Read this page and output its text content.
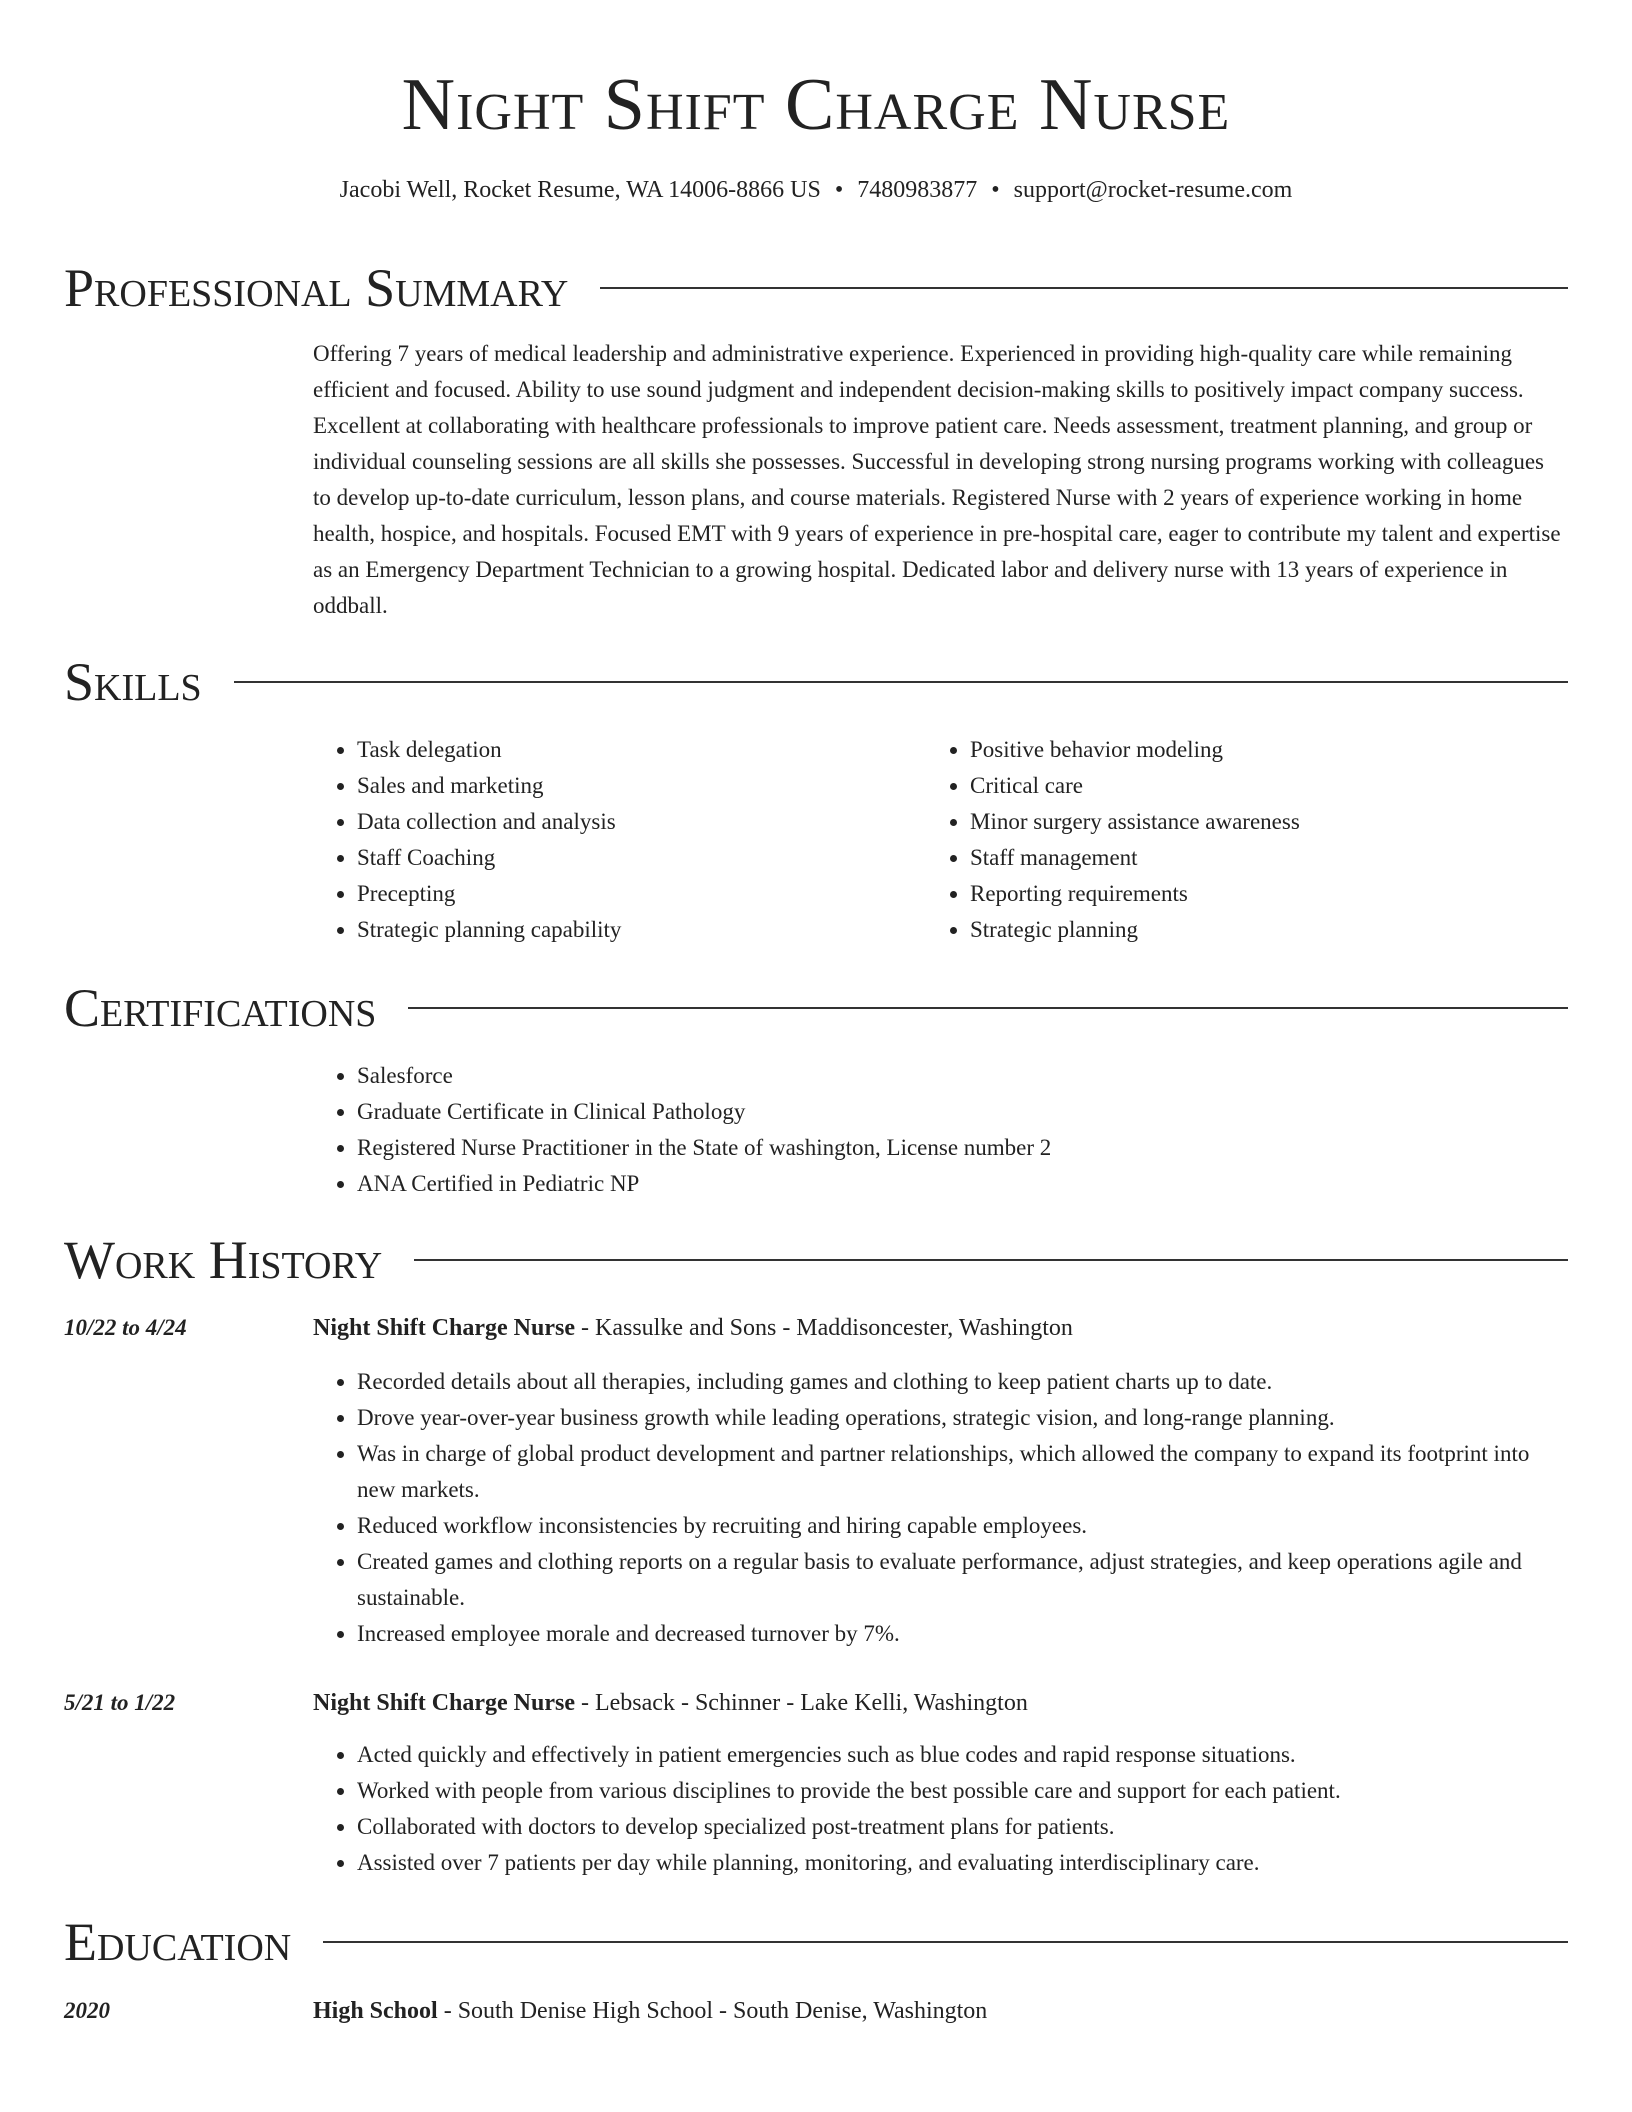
Night Shift Charge Nurse
Jacobi Well, Rocket Resume, WA 14006-8866 US • 7480983877 • support@rocket-resume.com
Professional Summary

Offering 7 years of medical leadership and administrative experience. Experienced in providing high-quality care while remaining efficient and focused. Ability to use sound judgment and independent decision-making skills to positively impact company success. Excellent at collaborating with healthcare professionals to improve patient care. Needs assessment, treatment planning, and group or individual counseling sessions are all skills she possesses. Successful in developing strong nursing programs working with colleagues to develop up-to-date curriculum, lesson plans, and course materials. Registered Nurse with 2 years of experience working in home health, hospice, and hospitals. Focused EMT with 9 years of experience in pre-hospital care, eager to contribute my talent and expertise as an Emergency Department Technician to a growing hospital. Dedicated labor and delivery nurse with 13 years of experience in oddball.

Skills
• Task delegation
• Sales and marketing
• Data collection and analysis
• Staff Coaching
• Precepting
• Strategic planning capability
• Positive behavior modeling
• Critical care
• Minor surgery assistance awareness
• Staff management
• Reporting requirements
• Strategic planning
Certifications
• Salesforce
• Graduate Certificate in Clinical Pathology
• Registered Nurse Practitioner in the State of washington, License number 2
• ANA Certified in Pediatric NP
Work History
10/22 to 4/24	Night Shift Charge Nurse - Kassulke and Sons - Maddisoncester, Washington
• Recorded details about all therapies, including games and clothing to keep patient charts up to date.
• Drove year-over-year business growth while leading operations, strategic vision, and long-range planning.
• Was in charge of global product development and partner relationships, which allowed the company to expand its footprint into new markets.
• Reduced workflow inconsistencies by recruiting and hiring capable employees.
• Created games and clothing reports on a regular basis to evaluate performance, adjust strategies, and keep operations agile and sustainable.
• Increased employee morale and decreased turnover by 7%.
5/21 to 1/22	Night Shift Charge Nurse - Lebsack - Schinner - Lake Kelli, Washington
• Acted quickly and effectively in patient emergencies such as blue codes and rapid response situations.
• Worked with people from various disciplines to provide the best possible care and support for each patient.
• Collaborated with doctors to develop specialized post-treatment plans for patients.
• Assisted over 7 patients per day while planning, monitoring, and evaluating interdisciplinary care.
Education
2020	High School - South Denise High School - South Denise, Washington
